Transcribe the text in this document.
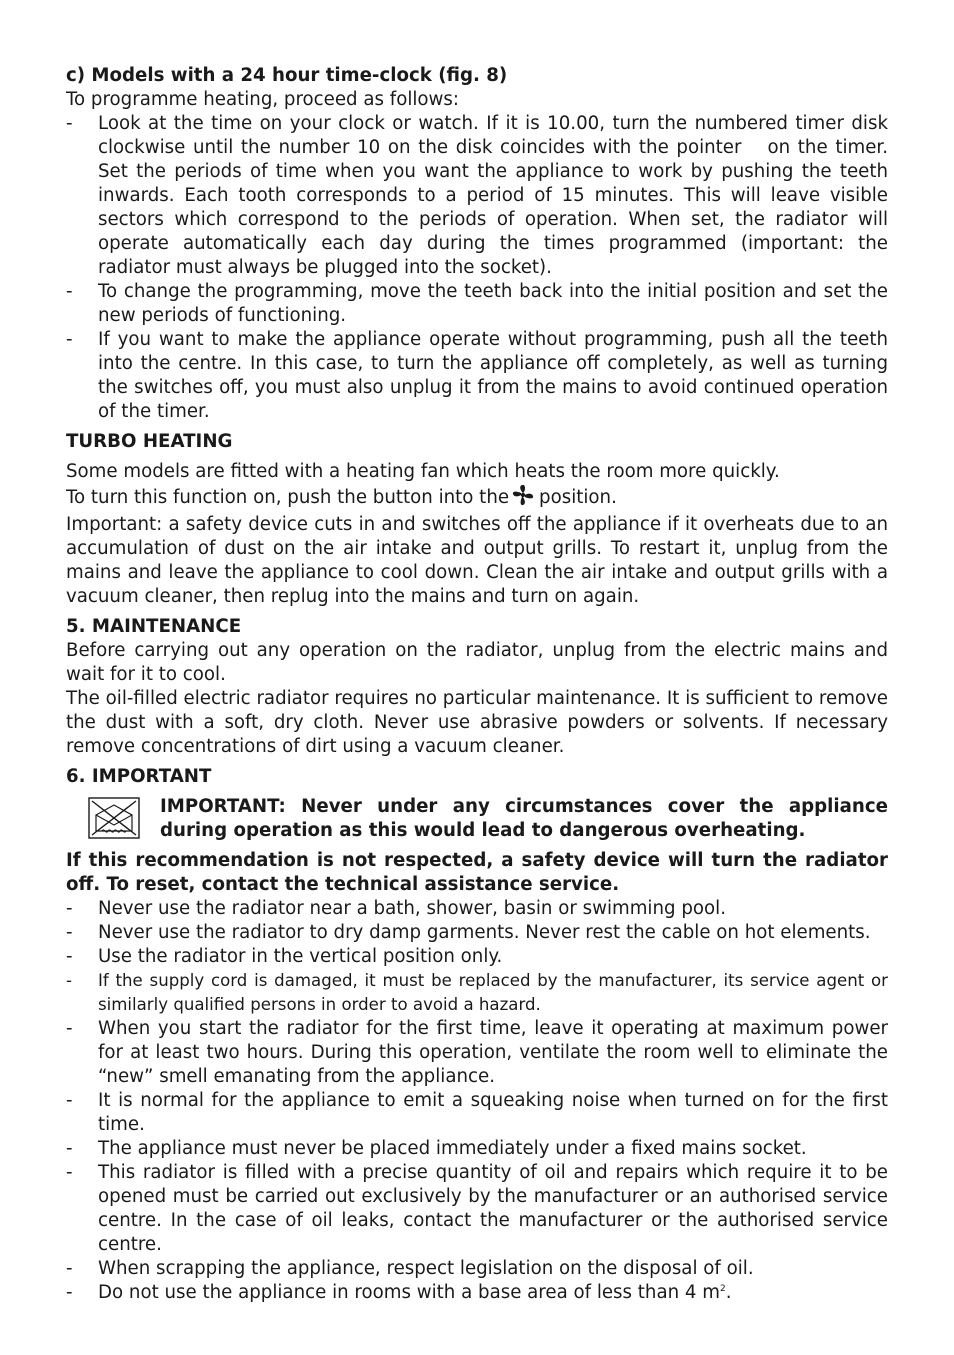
c) Models with a 24 hour time-clock (fig. 8)

To programme heating, proceed as follows:

- Look at the time on your clock or watch. If it is 10.00, turn the numbered timer disk clockwise until the number 10 on the disk coincides with the pointer on the timer. Set the periods of time when you want the appliance to work by pushing the teeth inwards. Each tooth corresponds to a period of 15 minutes. This will leave visible sectors which correspond to the periods of operation. When set, the radiator will operate automatically each day during the times programmed (important: the radiator must always be plugged into the socket).
- To change the programming, move the teeth back into the initial position and set the new periods of functioning.
- If you want to make the appliance operate without programming, push all the teeth into the centre. In this case, to turn the appliance off completely, as well as turning the switches off, you must also unplug it from the mains to avoid continued operation of the timer.

TURBO HEATING

Some models are fitted with a heating fan which heats the room more quickly.

To turn this function on, push the button into the position.

Important: a safety device cuts in and switches off the appliance if it overheats due to an accumulation of dust on the air intake and output grills. To restart it, unplug from the mains and leave the appliance to cool down. Clean the air intake and output grills with a vacuum cleaner, then replug into the mains and turn on again.

5. MAINTENANCE

Before carrying out any operation on the radiator, unplug from the electric mains and wait for it to cool.

The oil-filled electric radiator requires no particular maintenance. It is sufficient to remove the dust with a soft, dry cloth. Never use abrasive powders or solvents. If necessary remove concentrations of dirt using a vacuum cleaner.

6. IMPORTANT

IMPORTANT: Never under any circumstances cover the appliance during operation as this would lead to dangerous overheating.

If this recommendation is not respected, a safety device will turn the radiator off. To reset, contact the technical assistance service.

- Never use the radiator near a bath, shower, basin or swimming pool.
- Never use the radiator to dry damp garments. Never rest the cable on hot elements.
- Use the radiator in the vertical position only.
- If the supply cord is damaged, it must be replaced by the manufacturer, its service agent or similarly qualified persons in order to avoid a hazard.
- When you start the radiator for the first time, leave it operating at maximum power for at least two hours. During this operation, ventilate the room well to eliminate the “new” smell emanating from the appliance.
- It is normal for the appliance to emit a squeaking noise when turned on for the first time.
- The appliance must never be placed immediately under a fixed mains socket.
- This radiator is filled with a precise quantity of oil and repairs which require it to be opened must be carried out exclusively by the manufacturer or an authorised service centre. In the case of oil leaks, contact the manufacturer or the authorised service centre.
- When scrapping the appliance, respect legislation on the disposal of oil.
- Do not use the appliance in rooms with a base area of less than 4 $m^2$.
